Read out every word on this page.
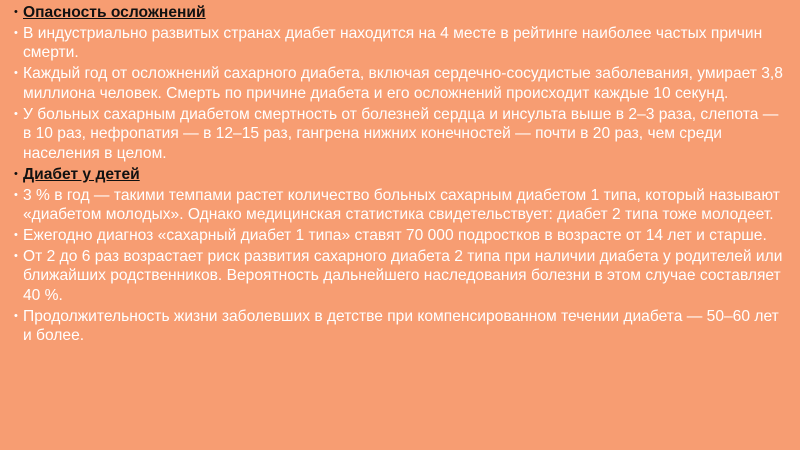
• Опасность осложнений
• В индустриально развитых странах диабет находится на 4 месте в рейтинге наиболее частых причин смерти.
• Каждый год от осложнений сахарного диабета, включая сердечно-сосудистые заболевания, умирает 3,8 миллиона человек. Смерть по причине диабета и его осложнений происходит каждые 10 секунд.
• У больных сахарным диабетом смертность от болезней сердца и инсульта выше в 2–3 раза, слепота — в 10 раз, нефропатия — в 12–15 раз, гангрена нижних конечностей — почти в 20 раз, чем среди населения в целом.
• Диабет у детей
• 3 % в год — такими темпами растет количество больных сахарным диабетом 1 типа, который называют «диабетом молодых». Однако медицинская статистика свидетельствует: диабет 2 типа тоже молодеет.
• Ежегодно диагноз «сахарный диабет 1 типа» ставят 70 000 подростков в возрасте от 14 лет и старше.
• От 2 до 6 раз возрастает риск развития сахарного диабета 2 типа при наличии диабета у родителей или ближайших родственников. Вероятность дальнейшего наследования болезни в этом случае составляет 40 %.
• Продолжительность жизни заболевших в детстве при компенсированном течении диабета — 50–60 лет и более.
